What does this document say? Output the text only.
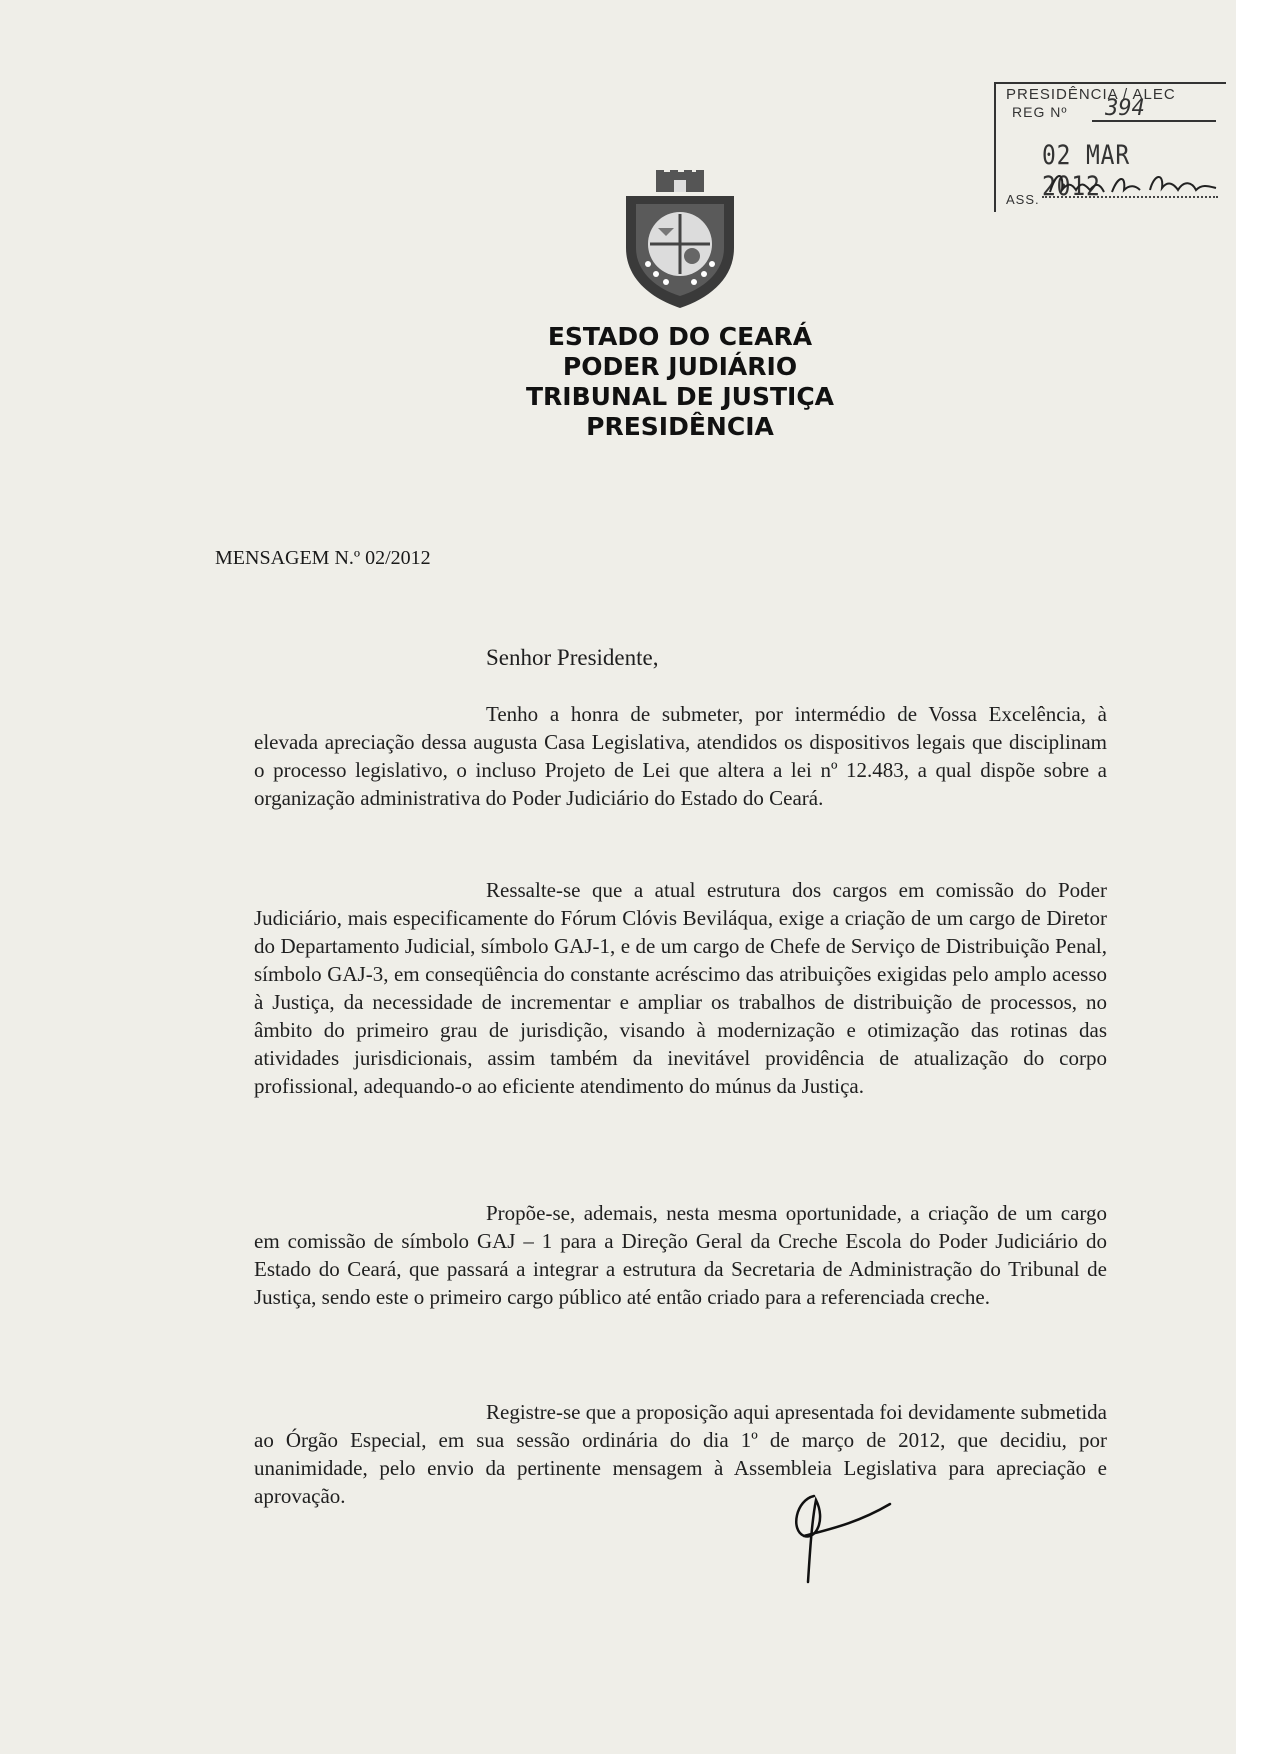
PRESIDÊNCIA / ALEC
REG Nº	394
02 MAR 2012
ASS.
ESTADO DO CEARÁ
PODER JUDIÁRIO
TRIBUNAL DE JUSTIÇA
PRESIDÊNCIA
MENSAGEM N.º 02/2012
Senhor Presidente,

Tenho a honra de submeter, por intermédio de Vossa Excelência, à elevada apreciação dessa augusta Casa Legislativa, atendidos os dispositivos legais que disciplinam o processo legislativo, o incluso Projeto de Lei que altera a lei nº 12.483, a qual dispõe sobre a organização administrativa do Poder Judiciário do Estado do Ceará.

Ressalte-se que a atual estrutura dos cargos em comissão do Poder Judiciário, mais especificamente do Fórum Clóvis Beviláqua, exige a criação de um cargo de Diretor do Departamento Judicial, símbolo GAJ-1, e de um cargo de Chefe de Serviço de Distribuição Penal, símbolo GAJ-3, em conseqüência do constante acréscimo das atribuições exigidas pelo amplo acesso à Justiça, da necessidade de incrementar e ampliar os trabalhos de distribuição de processos, no âmbito do primeiro grau de jurisdição, visando à modernização e otimização das rotinas das atividades jurisdicionais, assim também da inevitável providência de atualização do corpo profissional, adequando-o ao eficiente atendimento do múnus da Justiça.

Propõe-se, ademais, nesta mesma oportunidade, a criação de um cargo em comissão de símbolo GAJ – 1 para a Direção Geral da Creche Escola do Poder Judiciário do Estado do Ceará, que passará a integrar a estrutura da Secretaria de Administração do Tribunal de Justiça, sendo este o primeiro cargo público até então criado para a referenciada creche.

Registre-se que a proposição aqui apresentada foi devidamente submetida ao Órgão Especial, em sua sessão ordinária do dia 1º de março de 2012, que decidiu, por unanimidade, pelo envio da pertinente mensagem à Assembleia Legislativa para apreciação e aprovação.
